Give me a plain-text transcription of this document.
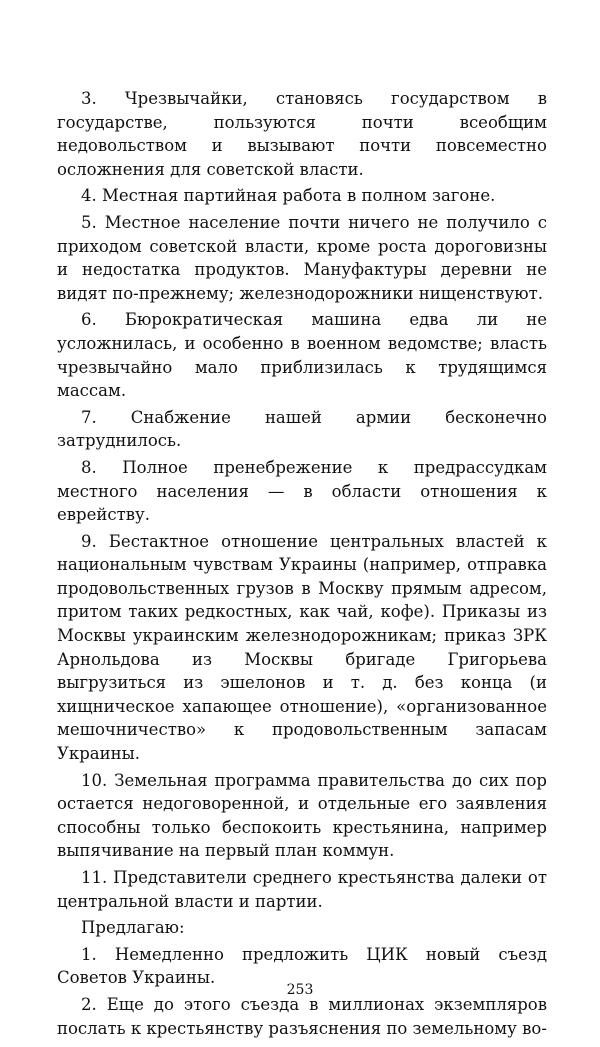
3. Чрезвычайки, становясь государством в государстве, пользуются почти всеобщим недовольством и вызывают почти повсеместно осложнения для советской власти.

4. Местная партийная работа в полном загоне.

5. Местное население почти ничего не получило с приходом советской власти, кроме роста дороговизны и недостатка продуктов. Мануфактуры деревни не видят по-прежнему; железнодорожники нищенствуют.

6. Бюрократическая машина едва ли не усложнилась, и особенно в военном ведомстве; власть чрезвычайно мало приблизилась к трудящимся массам.

7. Снабжение нашей армии бесконечно затруднилось.

8. Полное пренебрежение к предрассудкам местного населения — в области отношения к еврейству.

9. Бестактное отношение центральных властей к национальным чувствам Украины (например, отправка продовольственных грузов в Москву прямым адресом, притом таких редкостных, как чай, кофе). Приказы из Москвы украинским железнодорожникам; приказ ЗРК Арнольдова из Москвы бригаде Григорьева выгрузиться из эшелонов и т. д. без конца (и хищническое хапающее отношение), «организованное мешочничество» к продовольственным запасам Украины.

10. Земельная программа правительства до сих пор остается недоговоренной, и отдельные его заявления способны только беспокоить крестьянина, например выпячивание на первый план коммун.

11. Представители среднего крестьянства далеки от центральной власти и партии.

Предлагаю:

1. Немедленно предложить ЦИК новый съезд Советов Украины.

2. Еще до этого съезда в миллионах экземпляров послать к крестьянству разъяснения по земельному во-

253
